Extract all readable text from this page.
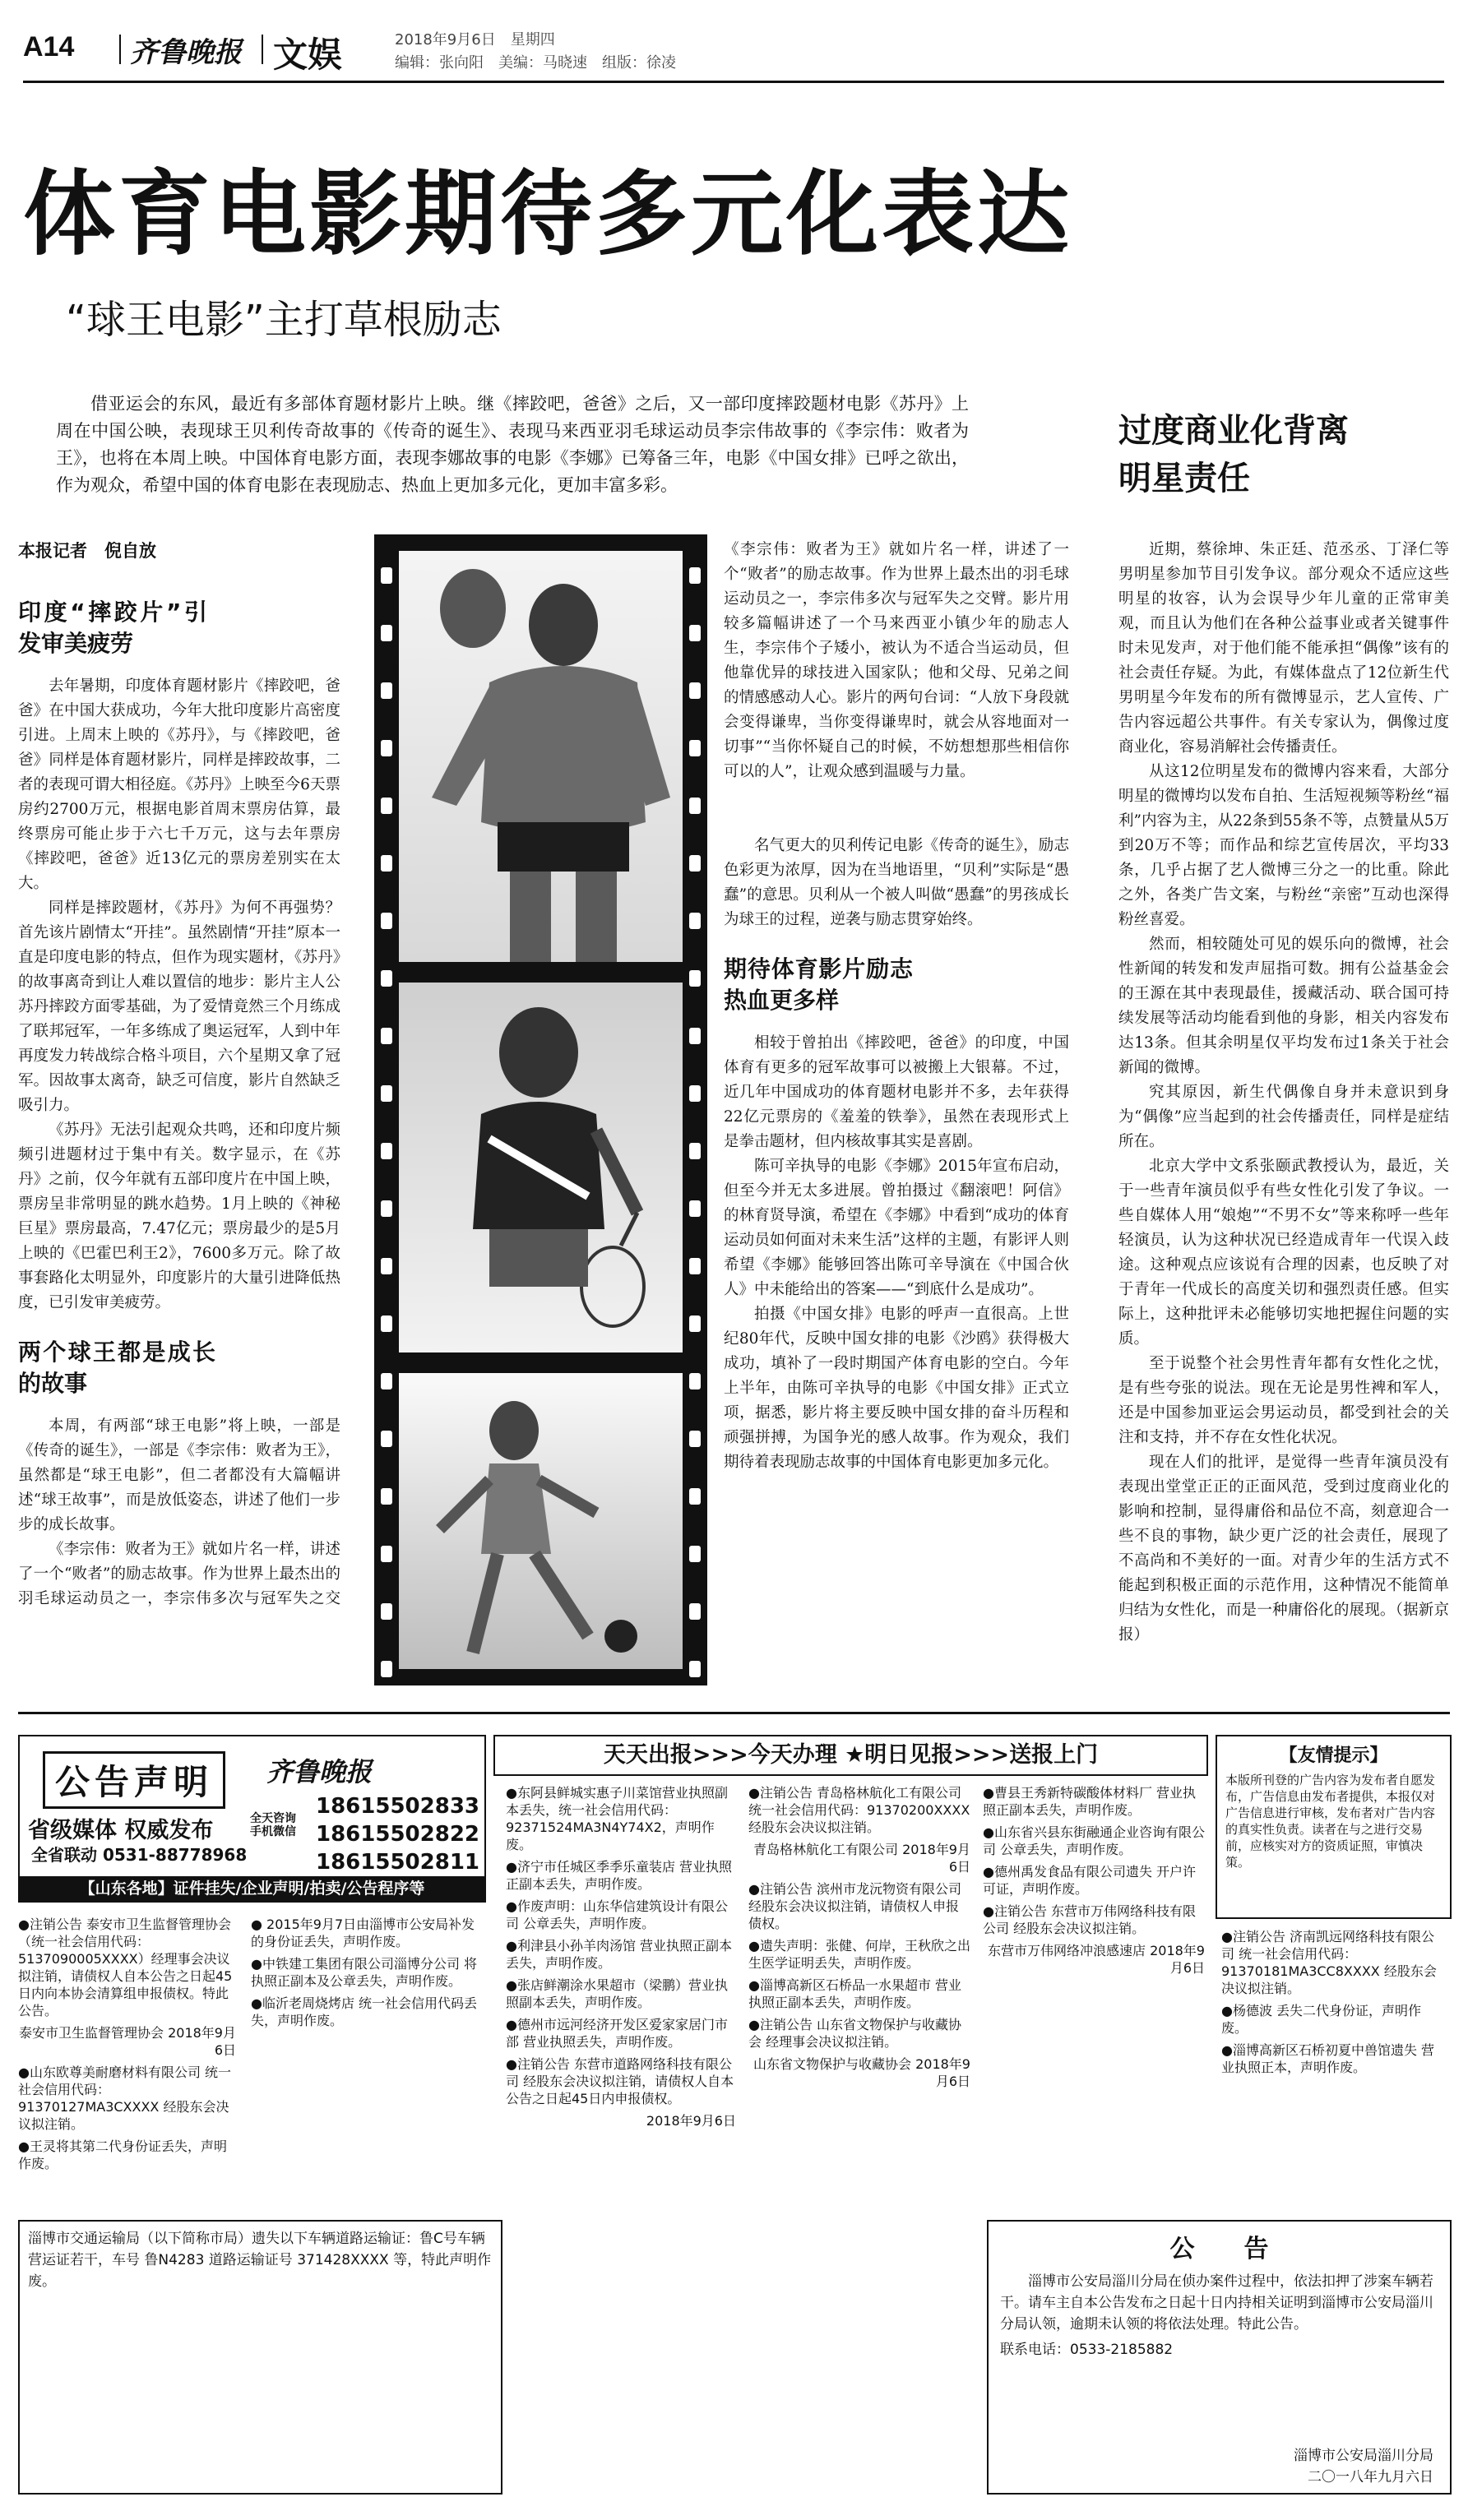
A14 齐鲁晚报 文娱	2018年9月6日　星期四
编辑：张向阳　美编：马晓速　组版：徐凌
体育电影期待多元化表达
“球王电影”主打草根励志
借亚运会的东风，最近有多部体育题材影片上映。继《摔跤吧，爸爸》之后，又一部印度摔跤题材电影《苏丹》上周在中国公映，表现球王贝利传奇故事的《传奇的诞生》、表现马来西亚羽毛球运动员李宗伟故事的《李宗伟：败者为王》，也将在本周上映。中国体育电影方面，表现李娜故事的电影《李娜》已筹备三年，电影《中国女排》已呼之欲出，作为观众，希望中国的体育电影在表现励志、热血上更加多元化，更加丰富多彩。
过度商业化背离明星责任
本报记者　倪自放
印度“摔跤片”引发审美疲劳

去年暑期，印度体育题材影片《摔跤吧，爸爸》在中国大获成功，今年大批印度影片高密度引进。上周末上映的《苏丹》，与《摔跤吧，爸爸》同样是体育题材影片，同样是摔跤故事，二者的表现可谓大相径庭。《苏丹》上映至今6天票房约2700万元，根据电影首周末票房估算，最终票房可能止步于六七千万元，这与去年票房《摔跤吧，爸爸》近13亿元的票房差别实在太大。

同样是摔跤题材，《苏丹》为何不再强势？首先该片剧情太“开挂”。虽然剧情“开挂”原本一直是印度电影的特点，但作为现实题材，《苏丹》的故事离奇到让人难以置信的地步：影片主人公苏丹摔跤方面零基础，为了爱情竟然三个月练成了联邦冠军，一年多练成了奥运冠军，人到中年再度发力转战综合格斗项目，六个星期又拿了冠军。因故事太离奇，缺乏可信度，影片自然缺乏吸引力。

《苏丹》无法引起观众共鸣，还和印度片频频引进题材过于集中有关。数字显示，在《苏丹》之前，仅今年就有五部印度片在中国上映，票房呈非常明显的跳水趋势。1月上映的《神秘巨星》票房最高，7.47亿元；票房最少的是5月上映的《巴霍巴利王2》，7600多万元。除了故事套路化太明显外，印度影片的大量引进降低热度，已引发审美疲劳。

两个球王都是成长的故事

本周，有两部“球王电影”将上映，一部是《传奇的诞生》，一部是《李宗伟：败者为王》，虽然都是“球王电影”，但二者都没有大篇幅讲述“球王故事”，而是放低姿态，讲述了他们一步步的成长故事。

《李宗伟：败者为王》就如片名一样，讲述了一个“败者”的励志故事。作为世界上最杰出的羽毛球运动员之一，李宗伟多次与冠军失之交

《李宗伟：败者为王》就如片名一样，讲述了一个“败者”的励志故事。作为世界上最杰出的羽毛球运动员之一，李宗伟多次与冠军失之交臂。影片用较多篇幅讲述了一个马来西亚小镇少年的励志人生，李宗伟个子矮小，被认为不适合当运动员，但他靠优异的球技进入国家队；他和父母、兄弟之间的情感感动人心。影片的两句台词：“人放下身段就会变得谦卑，当你变得谦卑时，就会从容地面对一切事”“当你怀疑自己的时候，不妨想想那些相信你可以的人”，让观众感到温暖与力量。

名气更大的贝利传记电影《传奇的诞生》，励志色彩更为浓厚，因为在当地语里，“贝利”实际是“愚蠢”的意思。贝利从一个被人叫做“愚蠢”的男孩成长为球王的过程，逆袭与励志贯穿始终。

期待体育影片励志热血更多样

相较于曾拍出《摔跤吧，爸爸》的印度，中国体育有更多的冠军故事可以被搬上大银幕。不过，近几年中国成功的体育题材电影并不多，去年获得22亿元票房的《羞羞的铁拳》，虽然在表现形式上是拳击题材，但内核故事其实是喜剧。

陈可辛执导的电影《李娜》2015年宣布启动，但至今并无太多进展。曾拍摄过《翻滚吧！阿信》的林育贤导演，希望在《李娜》中看到“成功的体育运动员如何面对未来生活”这样的主题，有影评人则希望《李娜》能够回答出陈可辛导演在《中国合伙人》中未能给出的答案——“到底什么是成功”。

拍摄《中国女排》电影的呼声一直很高。上世纪80年代，反映中国女排的电影《沙鸥》获得极大成功，填补了一段时期国产体育电影的空白。今年上半年，由陈可辛执导的电影《中国女排》正式立项，据悉，影片将主要反映中国女排的奋斗历程和顽强拼搏，为国争光的感人故事。作为观众，我们期待着表现励志故事的中国体育电影更加多元化。

近期，蔡徐坤、朱正廷、范丞丞、丁泽仁等男明星参加节目引发争议。部分观众不适应这些明星的妆容，认为会误导少年儿童的正常审美观，而且认为他们在各种公益事业或者关键事件时未见发声，对于他们能不能承担“偶像”该有的社会责任存疑。为此，有媒体盘点了12位新生代男明星今年发布的所有微博显示，艺人宣传、广告内容远超公共事件。有关专家认为，偶像过度商业化，容易消解社会传播责任。

从这12位明星发布的微博内容来看，大部分明星的微博均以发布自拍、生活短视频等粉丝“福利”内容为主，从22条到55条不等，点赞量从5万到20万不等；而作品和综艺宣传居次，平均33条，几乎占据了艺人微博三分之一的比重。除此之外，各类广告文案，与粉丝“亲密”互动也深得粉丝喜爱。

然而，相较随处可见的娱乐向的微博，社会性新闻的转发和发声屈指可数。拥有公益基金会的王源在其中表现最佳，援藏活动、联合国可持续发展等活动均能看到他的身影，相关内容发布达13条。但其余明星仅平均发布过1条关于社会新闻的微博。

究其原因，新生代偶像自身并未意识到身为“偶像”应当起到的社会传播责任，同样是症结所在。

北京大学中文系张颐武教授认为，最近，关于一些青年演员似乎有些女性化引发了争议。一些自媒体人用“娘炮”“不男不女”等来称呼一些年轻演员，认为这种状况已经造成青年一代误入歧途。这种观点应该说有合理的因素，也反映了对于青年一代成长的高度关切和强烈责任感。但实际上，这种批评未必能够切实地把握住问题的实质。

至于说整个社会男性青年都有女性化之忧，是有些夸张的说法。现在无论是男性裨和军人，还是中国参加亚运会男运动员，都受到社会的关注和支持，并不存在女性化状况。

现在人们的批评，是觉得一些青年演员没有表现出堂堂正正的正面风范，受到过度商业化的影响和控制，显得庸俗和品位不高，刻意迎合一些不良的事物，缺少更广泛的社会责任，展现了不高尚和不美好的一面。对青少年的生活方式不能起到积极正面的示范作用，这种情况不能简单归结为女性化，而是一种庸俗化的展现。（据新京报）

公告声明	齐鲁晚报
省级媒体 权威发布	全天咨询 手机微信
全省联动 0531-88778968
18615502833
18615502822
18615502811
【山东各地】证件挂失/企业声明/拍卖/公告程序等
天天出报>>>今天办理 ★明日见报>>>送报上门	【友情提示】
本版所刊登的广告内容为发布者自愿发布，广告信息由发布者提供，本报仅对广告信息进行审核，发布者对广告内容的真实性负责。读者在与之进行交易前，应核实对方的资质证照，审慎决策。

●注销公告 泰安市卫生监督管理协会（统一社会信用代码：5137090005XXXX）经理事会决议拟注销，请债权人自本公告之日起45日内向本协会清算组申报债权。特此公告。

泰安市卫生监督管理协会 2018年9月6日

●山东欧尊美耐磨材料有限公司 统一社会信用代码：91370127MA3CXXXX 经股东会决议拟注销。

●王灵将其第二代身份证丢失，声明作废。

● 2015年9月7日由淄博市公安局补发的身份证丢失，声明作废。

●中铁建工集团有限公司淄博分公司 将执照正副本及公章丢失，声明作废。

●临沂老周烧烤店 统一社会信用代码丢失，声明作废。

●东阿县鲜城实惠子川菜馆营业执照副本丢失，统一社会信用代码：92371524MA3N4Y74X2，声明作废。

●济宁市任城区季季乐童装店 营业执照正副本丢失，声明作废。

●作废声明：山东华信建筑设计有限公司 公章丢失，声明作废。

●利津县小孙羊肉汤馆 营业执照正副本丢失，声明作废。

●张店鲜潮涂水果超市（梁鹏）营业执照副本丢失，声明作废。

●德州市远河经济开发区爱家家居门市部 营业执照丢失，声明作废。

●注销公告 东营市道路网络科技有限公司 经股东会决议拟注销，请债权人自本公告之日起45日内申报债权。

2018年9月6日

●注销公告 青岛格林航化工有限公司 统一社会信用代码：91370200XXXX 经股东会决议拟注销。

青岛格林航化工有限公司 2018年9月6日

●注销公告 滨州市龙沅物资有限公司 经股东会决议拟注销，请债权人申报债权。

●遗失声明：张健、何岸，王秋欣之出生医学证明丢失，声明作废。

●淄博高新区石桥品一水果超市 营业执照正副本丢失，声明作废。

●注销公告 山东省文物保护与收藏协会 经理事会决议拟注销。

山东省文物保护与收藏协会 2018年9月6日

●曹县王秀新特碳酸体材料厂 营业执照正副本丢失，声明作废。

●山东省兴县东街融通企业咨询有限公司 公章丢失，声明作废。

●德州禹发食品有限公司遗失 开户许可证，声明作废。

●注销公告 东营市万伟网络科技有限公司 经股东会决议拟注销。

东营市万伟网络冲浪感速店 2018年9月6日

●注销公告 济南凯远网络科技有限公司 统一社会信用代码：91370181MA3CC8XXXX 经股东会决议拟注销。

●杨德波 丢失二代身份证，声明作废。

●淄博高新区石桥初夏中兽馆遗失 营业执照正本，声明作废。

淄博市交通运输局（以下简称市局）遗失以下车辆道路运输证：鲁C号车辆营运证若干，车号 鲁N4283 道路运输证号 371428XXXX 等，特此声明作废。
公　　告
淄博市公安局淄川分局在侦办案件过程中，依法扣押了涉案车辆若干。请车主自本公告发布之日起十日内持相关证明到淄博市公安局淄川分局认领，逾期未认领的将依法处理。特此公告。
联系电话：0533-2185882
淄博市公安局淄川分局
二〇一八年九月六日
